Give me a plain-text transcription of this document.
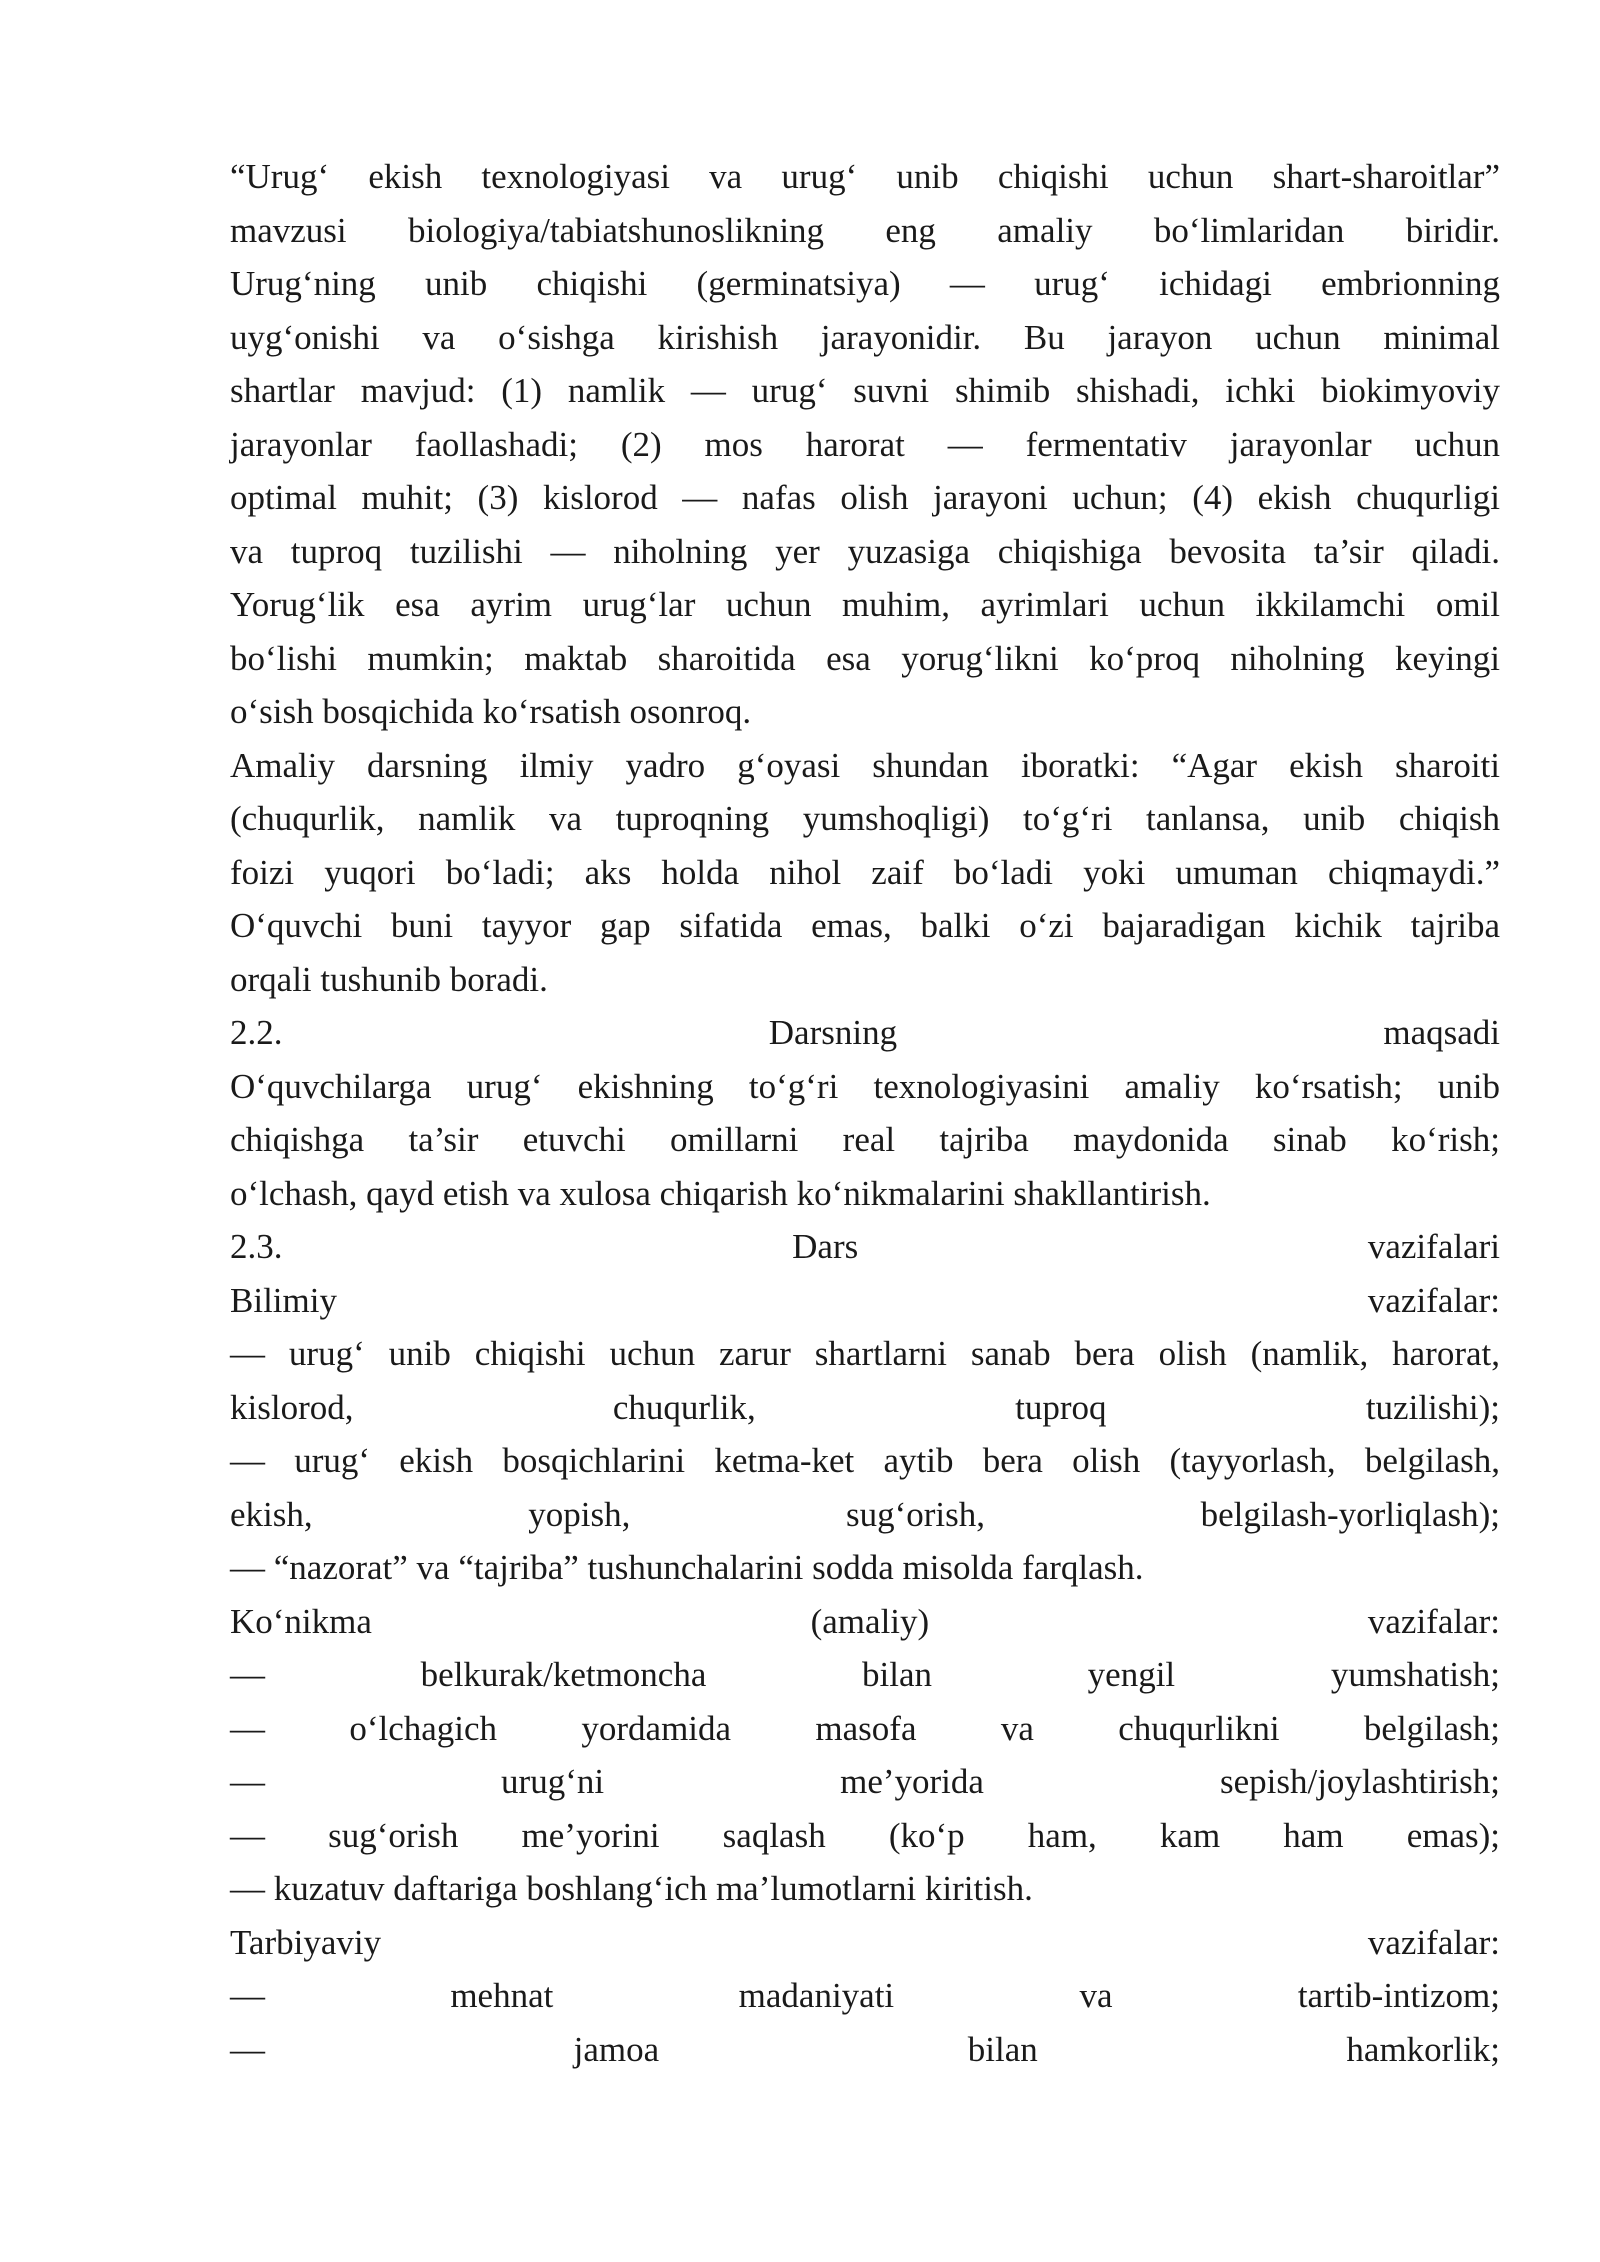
“Urug‘ ekish texnologiyasi va urug‘ unib chiqishi uchun shart-sharoitlar”
mavzusi biologiya/tabiatshunoslikning eng amaliy bo‘limlaridan biridir.
Urug‘ning unib chiqishi (germinatsiya) — urug‘ ichidagi embrionning
uyg‘onishi va o‘sishga kirishish jarayonidir. Bu jarayon uchun minimal
shartlar mavjud: (1) namlik — urug‘ suvni shimib shishadi, ichki biokimyoviy
jarayonlar faollashadi; (2) mos harorat — fermentativ jarayonlar uchun
optimal muhit; (3) kislorod — nafas olish jarayoni uchun; (4) ekish chuqurligi
va tuproq tuzilishi — niholning yer yuzasiga chiqishiga bevosita ta’sir qiladi.
Yorug‘lik esa ayrim urug‘lar uchun muhim, ayrimlari uchun ikkilamchi omil
bo‘lishi mumkin; maktab sharoitida esa yorug‘likni ko‘proq niholning keyingi
o‘sish bosqichida ko‘rsatish osonroq.
Amaliy darsning ilmiy yadro g‘oyasi shundan iboratki: “Agar ekish sharoiti
(chuqurlik, namlik va tuproqning yumshoqligi) to‘g‘ri tanlansa, unib chiqish
foizi yuqori bo‘ladi; aks holda nihol zaif bo‘ladi yoki umuman chiqmaydi.”
O‘quvchi buni tayyor gap sifatida emas, balki o‘zi bajaradigan kichik tajriba
orqali tushunib boradi.
2.2. Darsning maqsadi
O‘quvchilarga urug‘ ekishning to‘g‘ri texnologiyasini amaliy ko‘rsatish; unib
chiqishga ta’sir etuvchi omillarni real tajriba maydonida sinab ko‘rish;
o‘lchash, qayd etish va xulosa chiqarish ko‘nikmalarini shakllantirish.
2.3. Dars vazifalari
Bilimiy vazifalar:
— urug‘ unib chiqishi uchun zarur shartlarni sanab bera olish (namlik, harorat,
kislorod, chuqurlik, tuproq tuzilishi);
— urug‘ ekish bosqichlarini ketma-ket aytib bera olish (tayyorlash, belgilash,
ekish, yopish, sug‘orish, belgilash-yorliqlash);
— “nazorat” va “tajriba” tushunchalarini sodda misolda farqlash.
Ko‘nikma (amaliy) vazifalar:
— belkurak/ketmoncha bilan yengil yumshatish;
— o‘lchagich yordamida masofa va chuqurlikni belgilash;
— urug‘ni me’yorida sepish/joylashtirish;
— sug‘orish me’yorini saqlash (ko‘p ham, kam ham emas);
— kuzatuv daftariga boshlang‘ich ma’lumotlarni kiritish.
Tarbiyaviy vazifalar:
— mehnat madaniyati va tartib-intizom;
— jamoa bilan hamkorlik;
